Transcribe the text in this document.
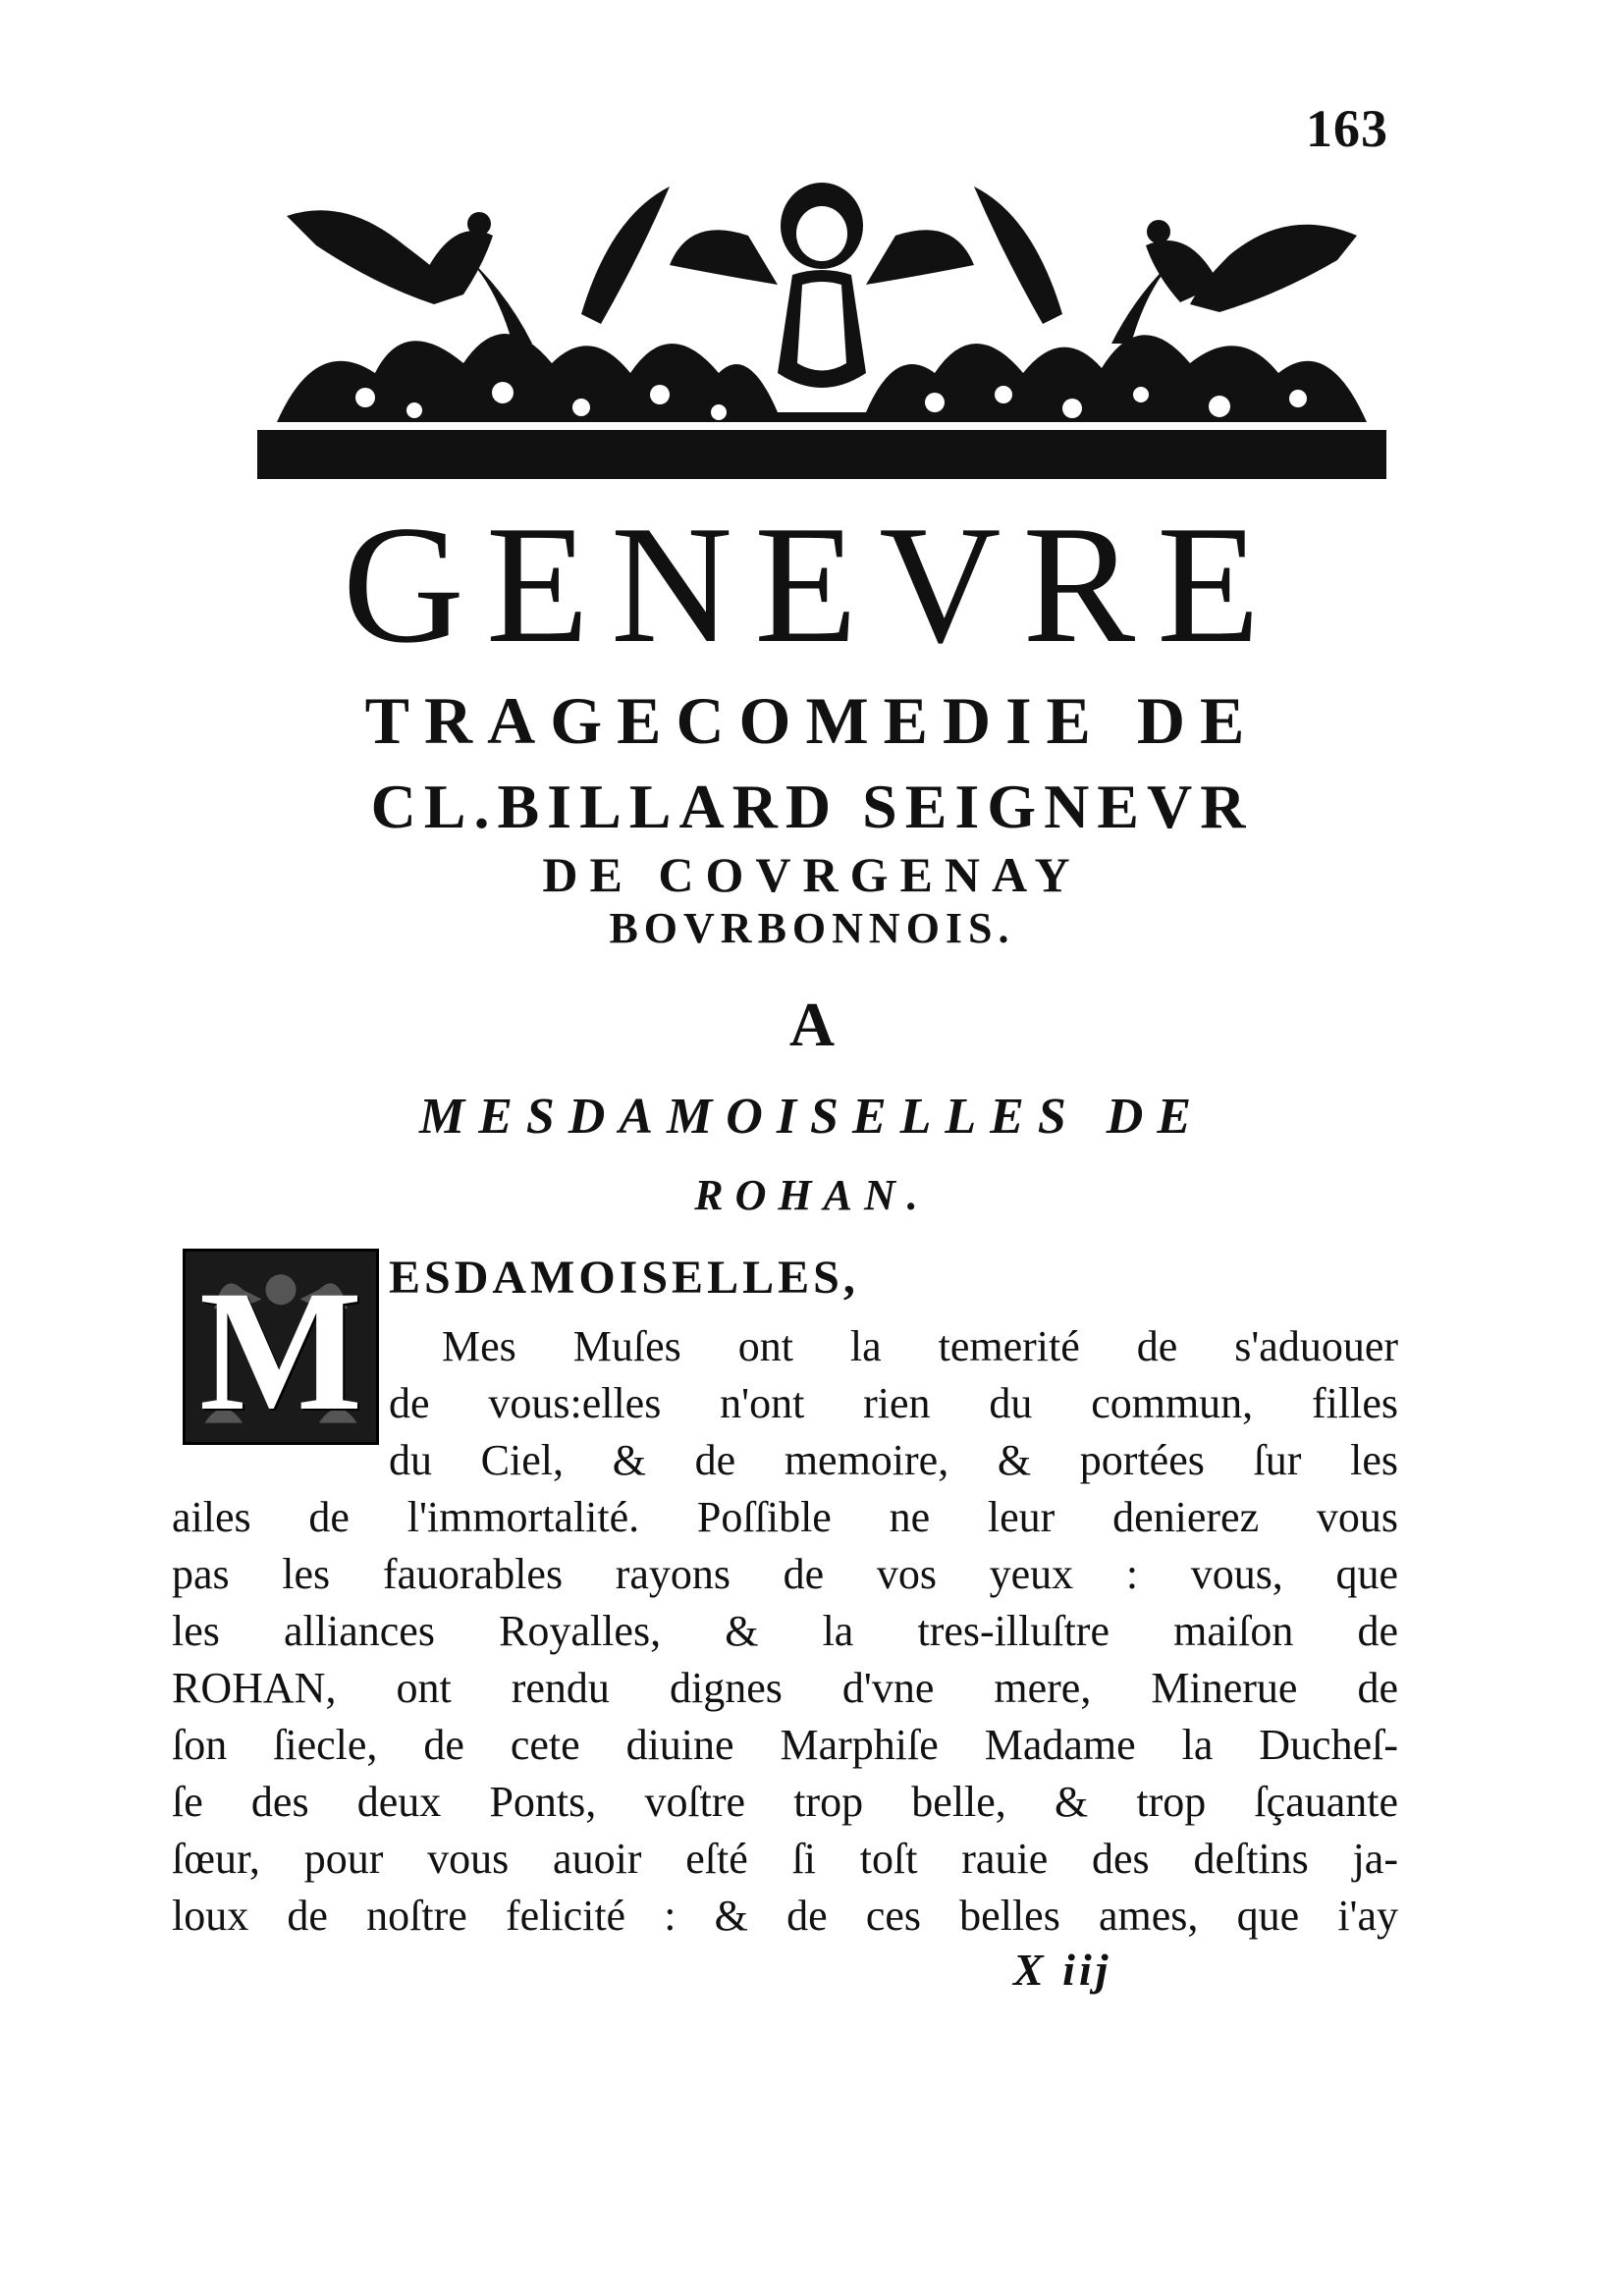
163
GENEVRE
TRAGECOMEDIE DE
CL.BILLARD SEIGNEVR
DE COVRGENAY
BOVRBONNOIS.
A
MESDAMOISELLES DE
ROHAN.
M ESDAMOISELLES,
Mes Muſes ont la temerité de s'aduouer
de vous:elles n'ont rien du commun, filles
du Ciel, & de memoire, & portées ſur les
ailes de l'immortalité. Poſſible ne leur denierez vous
pas les fauorables rayons de vos yeux : vous, que
les alliances Royalles, & la tres-illuſtre maiſon de
ROHAN, ont rendu dignes d'vne mere, Minerue de
ſon ſiecle, de cete diuine Marphiſe Madame la Ducheſ-
ſe des deux Ponts, voſtre trop belle, & trop ſçauante
ſœur, pour vous auoir eſté ſi toſt rauie des deſtins ja-
loux de noſtre felicité : & de ces belles ames, que i'ay
X iij
